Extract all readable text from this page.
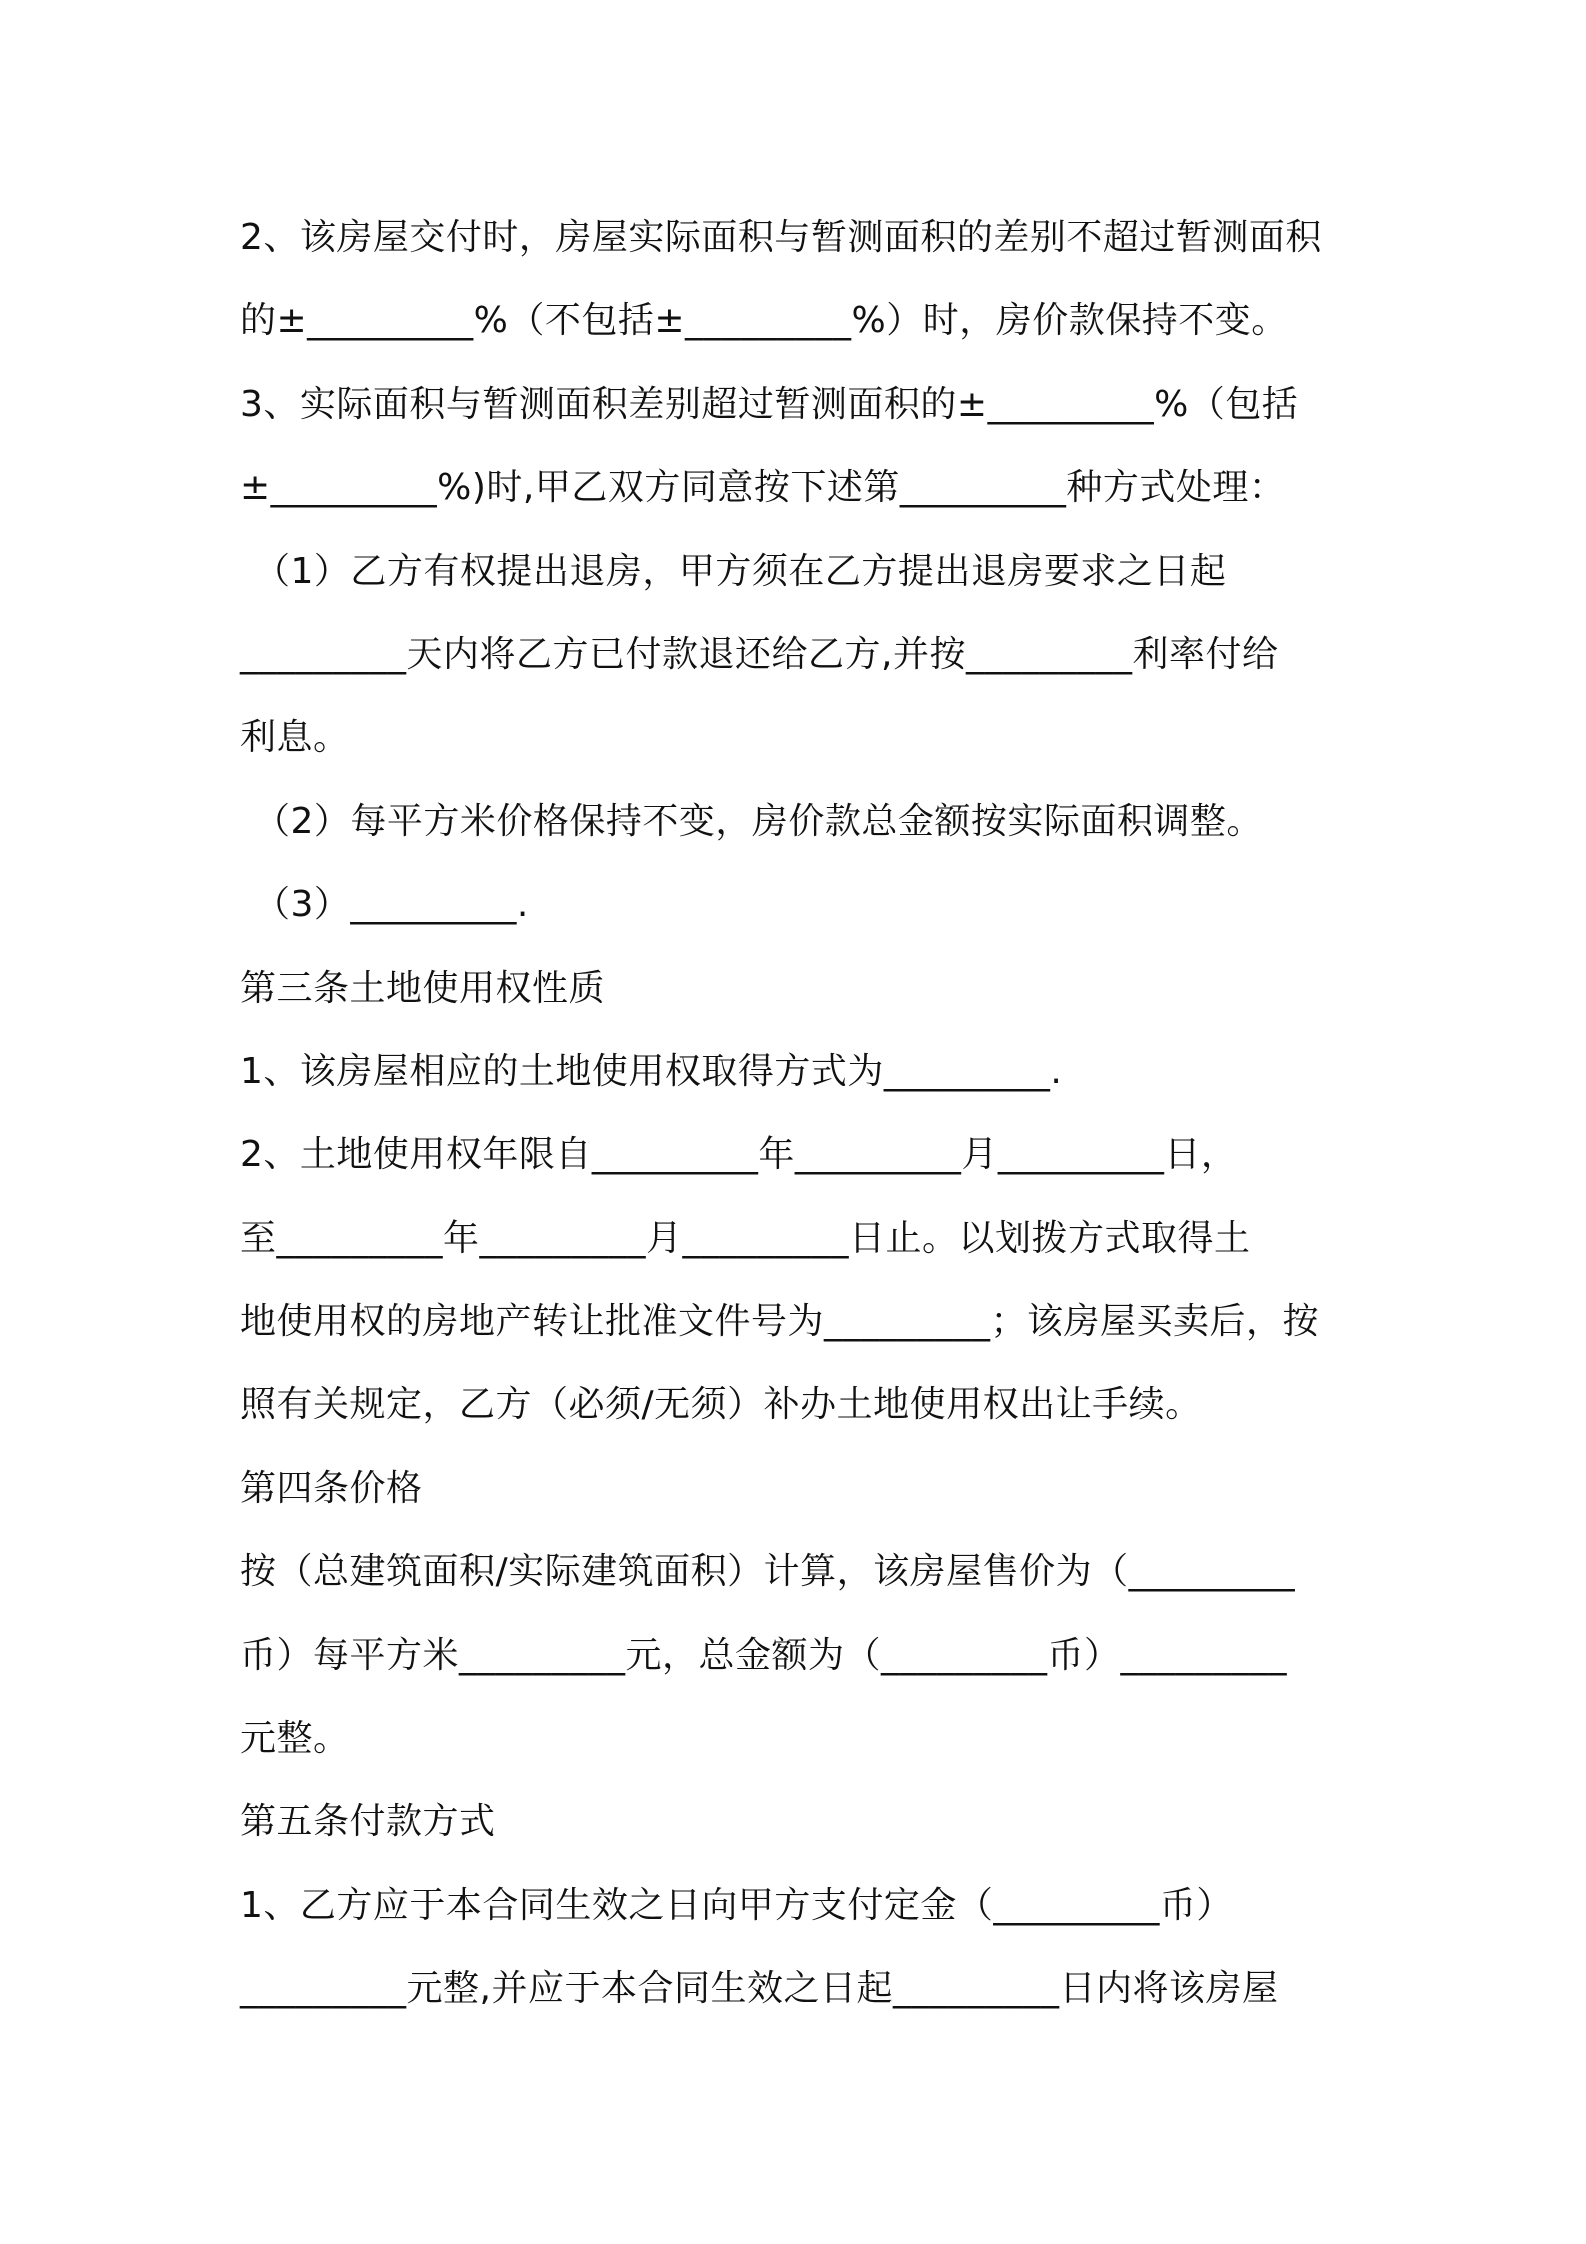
2、该房屋交付时，房屋实际面积与暂测面积的差别不超过暂测面积
的±_________%（不包括±_________%）时，房价款保持不变。
3、实际面积与暂测面积差别超过暂测面积的±_________%（包括
±_________%)时,甲乙双方同意按下述第_________种方式处理：
（1）乙方有权提出退房，甲方须在乙方提出退房要求之日起
_________天内将乙方已付款退还给乙方,并按_________利率付给
利息。
（2）每平方米价格保持不变，房价款总金额按实际面积调整。
（3）_________.
第三条土地使用权性质
1、该房屋相应的土地使用权取得方式为_________.
2、土地使用权年限自_________年_________月_________日，
至_________年_________月_________日止。以划拨方式取得土
地使用权的房地产转让批准文件号为_________；该房屋买卖后，按
照有关规定，乙方（必须/无须）补办土地使用权出让手续。
第四条价格
按（总建筑面积/实际建筑面积）计算，该房屋售价为（_________
币）每平方米_________元，总金额为（_________币）_________
元整。
第五条付款方式
1、乙方应于本合同生效之日向甲方支付定金（_________币）
_________元整,并应于本合同生效之日起_________日内将该房屋
